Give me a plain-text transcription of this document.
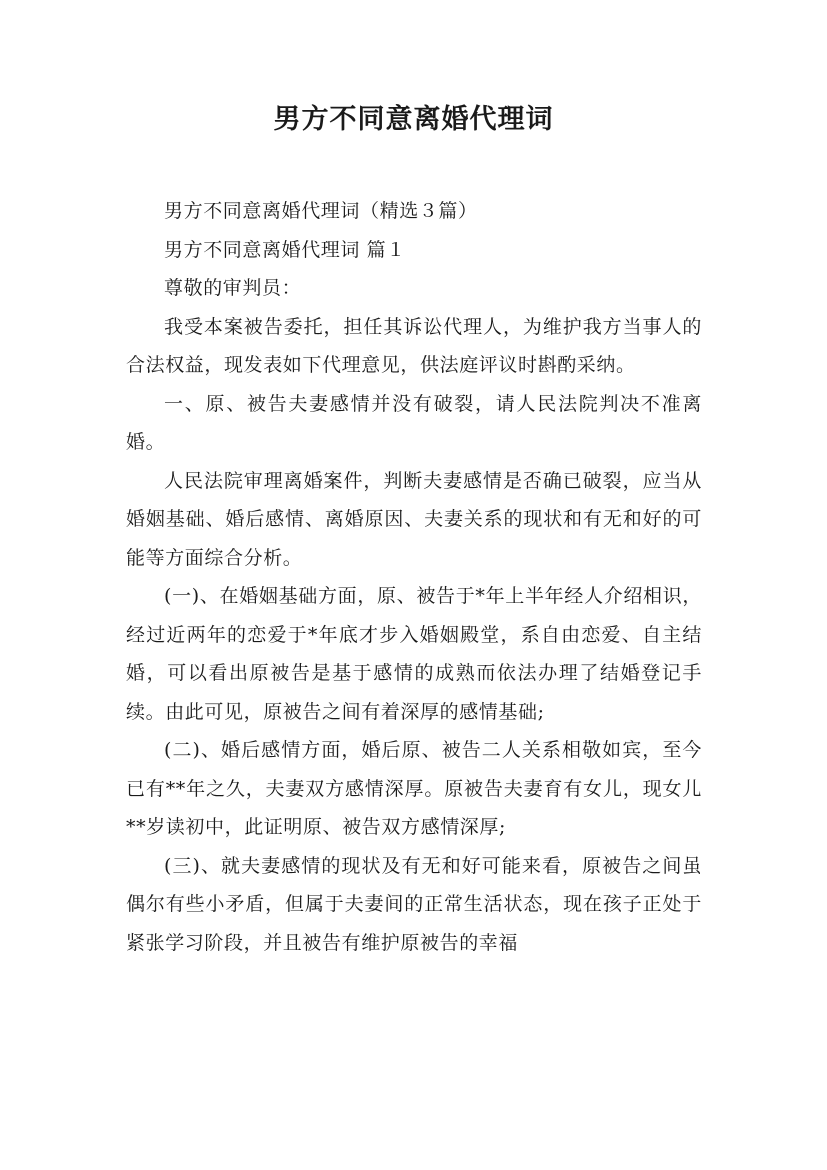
男方不同意离婚代理词

男方不同意离婚代理词（精选３篇）

男方不同意离婚代理词 篇１

尊敬的审判员：

我受本案被告委托，担任其诉讼代理人，为维护我方当事人的合法权益，现发表如下代理意见，供法庭评议时斟酌采纳。

一、原、被告夫妻感情并没有破裂，请人民法院判决不准离婚。

人民法院审理离婚案件，判断夫妻感情是否确已破裂，应当从婚姻基础、婚后感情、离婚原因、夫妻关系的现状和有无和好的可能等方面综合分析。

(一)、在婚姻基础方面，原、被告于*年上半年经人介绍相识，经过近两年的恋爱于*年底才步入婚姻殿堂，系自由恋爱、自主结婚，可以看出原被告是基于感情的成熟而依法办理了结婚登记手续。由此可见，原被告之间有着深厚的感情基础;

(二)、婚后感情方面，婚后原、被告二人关系相敬如宾，至今已有**年之久，夫妻双方感情深厚。原被告夫妻育有女儿，现女儿**岁读初中，此证明原、被告双方感情深厚;

(三)、就夫妻感情的现状及有无和好可能来看，原被告之间虽偶尔有些小矛盾，但属于夫妻间的正常生活状态，现在孩子正处于紧张学习阶段，并且被告有维护原被告的幸福
